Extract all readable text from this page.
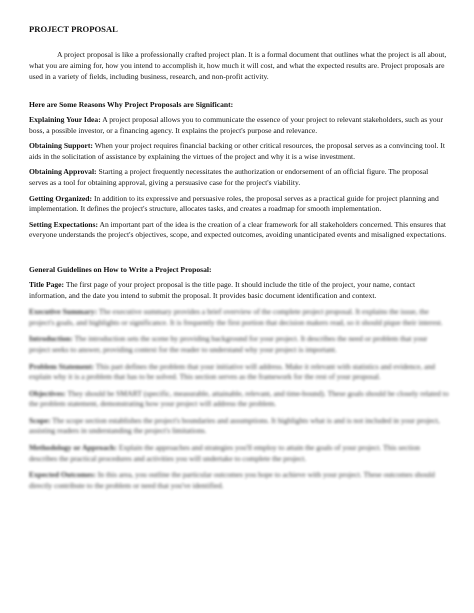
PROJECT PROPOSAL

A project proposal is like a professionally crafted project plan. It is a formal document that outlines what the project is all about, what you are aiming for, how you intend to accomplish it, how much it will cost, and what the expected results are. Project proposals are used in a variety of fields, including business, research, and non-profit activity.

Here are Some Reasons Why Project Proposals are Significant:

Explaining Your Idea: A project proposal allows you to communicate the essence of your project to relevant stakeholders, such as your boss, a possible investor, or a financing agency. It explains the project's purpose and relevance.

Obtaining Support: When your project requires financial backing or other critical resources, the proposal serves as a convincing tool. It aids in the solicitation of assistance by explaining the virtues of the project and why it is a wise investment.

Obtaining Approval: Starting a project frequently necessitates the authorization or endorsement of an official figure. The proposal serves as a tool for obtaining approval, giving a persuasive case for the project's viability.

Getting Organized: In addition to its expressive and persuasive roles, the proposal serves as a practical guide for project planning and implementation. It defines the project's structure, allocates tasks, and creates a roadmap for smooth implementation.

Setting Expectations: An important part of the idea is the creation of a clear framework for all stakeholders concerned. This ensures that everyone understands the project's objectives, scope, and expected outcomes, avoiding unanticipated events and misaligned expectations.

General Guidelines on How to Write a Project Proposal:

Title Page: The first page of your project proposal is the title page. It should include the title of the project, your name, contact information, and the date you intend to submit the proposal. It provides basic document identification and context.

Executive Summary: The executive summary provides a brief overview of the complete project proposal. It explains the issue, the project's goals, and highlights or significance. It is frequently the first portion that decision makers read, so it should pique their interest.

Introduction: The introduction sets the scene by providing background for your project. It describes the need or problem that your project seeks to answer, providing context for the reader to understand why your project is important.

Problem Statement: This part defines the problem that your initiative will address. Make it relevant with statistics and evidence, and explain why it is a problem that has to be solved. This section serves as the framework for the rest of your proposal.

Objectives: They should be SMART (specific, measurable, attainable, relevant, and time-bound). These goals should be closely related to the problem statement, demonstrating how your project will address the problem.

Scope: The scope section establishes the project's boundaries and assumptions. It highlights what is and is not included in your project, assisting readers in understanding the project's limitations.

Methodology or Approach: Explain the approaches and strategies you'll employ to attain the goals of your project. This section describes the practical procedures and activities you will undertake to complete the project.

Expected Outcomes: In this area, you outline the particular outcomes you hope to achieve with your project. These outcomes should directly contribute to the problem or need that you've identified.
